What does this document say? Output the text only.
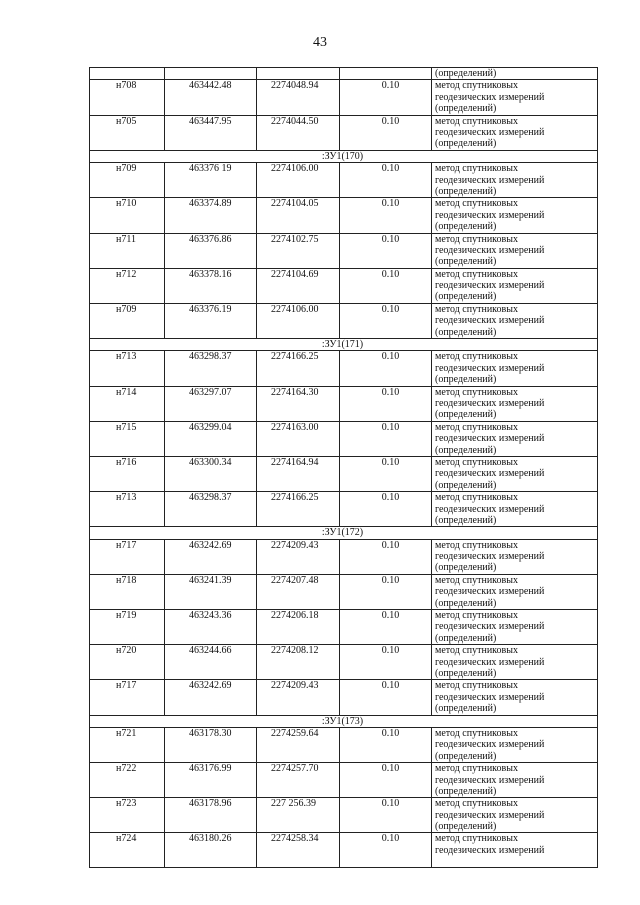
43
				(определений)
н708	463442.48	2274048.94	0.10	метод спутниковых
геодезических измерений
(определений)

н705	463447.95	2274044.50	0.10	метод спутниковых
геодезических измерений
(определений)

:ЗУ1(170)				
н709	463376 19	2274106.00	0.10	метод спутниковых
геодезических измерений
(определений)

н710	463374.89	2274104.05	0.10	метод спутниковых
геодезических измерений
(определений)

н711	463376.86	2274102.75	0.10	метод спутниковых
геодезических измерений
(определений)

н712	463378.16	2274104.69	0.10	метод спутниковых
геодезических измерений
(определений)

н709	463376.19	2274106.00	0.10	метод спутниковых
геодезических измерений
(определений)

:ЗУ1(171)				
н713	463298.37	2274166.25	0.10	метод спутниковых
геодезических измерений
(определений)

н714	463297.07	2274164.30	0.10	метод спутниковых
геодезических измерений
(определений)

н715	463299.04	2274163.00	0.10	метод спутниковых
геодезических измерений
(определений)

н716	463300.34	2274164.94	0.10	метод спутниковых
геодезических измерений
(определений)

н713	463298.37	2274166.25	0.10	метод спутниковых
геодезических измерений
(определений)

:ЗУ1(172)				
н717	463242.69	2274209.43	0.10	метод спутниковых
геодезических измерений
(определений)

н718	463241.39	2274207.48	0.10	метод спутниковых
геодезических измерений
(определений)

н719	463243.36	2274206.18	0.10	метод спутниковых
геодезических измерений
(определений)

н720	463244.66	2274208.12	0.10	метод спутниковых
геодезических измерений
(определений)

н717	463242.69	2274209.43	0.10	метод спутниковых
геодезических измерений
(определений)

:ЗУ1(173)				
н721	463178.30	2274259.64	0.10	метод спутниковых
геодезических измерений
(определений)

н722	463176.99	2274257.70	0.10	метод спутниковых
геодезических измерений
(определений)

н723	463178.96	227 256.39	0.10	метод спутниковых
геодезических измерений
(определений)

н724	463180.26	2274258.34	0.10	метод спутниковых
геодезических измерений
